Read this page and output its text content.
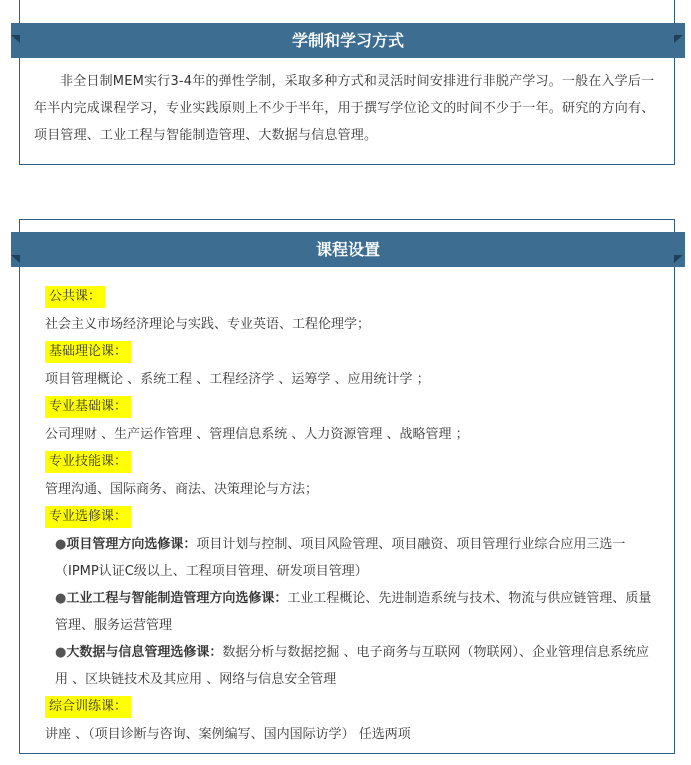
学制和学习方式
非全日制MEM实行3-4年的弹性学制，采取多种方式和灵活时间安排进行非脱产学习。一般在入学后一年半内完成课程学习，专业实践原则上不少于半年，用于撰写学位论文的时间不少于一年。研究的方向有、项目管理、工业工程与智能制造管理、大数据与信息管理。
课程设置
公共课：
社会主义市场经济理论与实践、专业英语、工程伦理学；
基础理论课：
项目管理概论 、系统工程 、工程经济学 、运筹学 、应用统计学 ；
专业基础课：
公司理财 、生产运作管理 、管理信息系统 、人力资源管理 、战略管理 ；
专业技能课：
管理沟通、国际商务、商法、决策理论与方法；
专业选修课：
●项目管理方向选修课：项目计划与控制、项目风险管理、项目融资、项目管理行业综合应用三选一（IPMP认证C级以上、工程项目管理、研发项目管理）
●工业工程与智能制造管理方向选修课：工业工程概论、先进制造系统与技术、物流与供应链管理、质量管理、服务运营管理
●大数据与信息管理选修课：数据分析与数据挖掘 、电子商务与互联网（物联网）、企业管理信息系统应用 、区块链技术及其应用 、网络与信息安全管理
综合训练课：
讲座 、（项目诊断与咨询、案例编写、国内国际访学） 任选两项
